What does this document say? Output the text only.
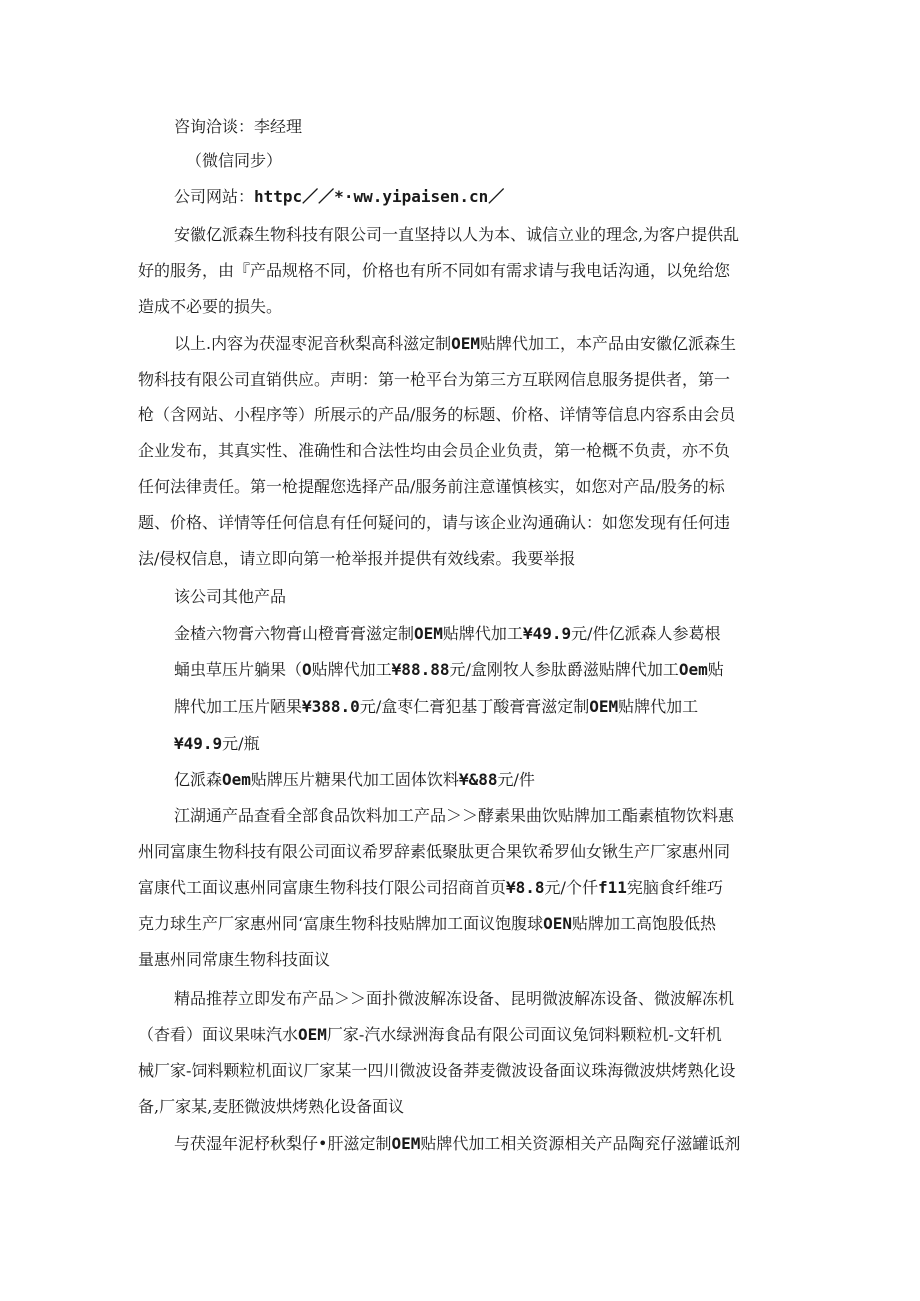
咨询洽谈：李经理
（微信同步）
公司网站：httpc／／*·ww.yipaisen.cn／
安徽亿派森生物科技有限公司一直坚持以人为本、诚信立业的理念,为客户提供乱
好的服务，由『产品规格不同，价格也有所不同如有需求请与我电话沟通，以免给您
造成不必要的损失。
以上.内容为茯湿枣泥音秋梨高科滋定制OEM贴牌代加工，本产品由安徽亿派森生
物科技有限公司直销供应。声明：第一枪平台为第三方互联网信息服务提供者，第一
枪（含网站、小程序等）所展示的产品/服务的标题、价格、详情等信息内容系由会员
企业发布，其真实性、准确性和合法性均由会员企业负责，第一枪概不负责，亦不负
任何法律责任。第一枪提醒您选择产品/服务前注意谨慎核实，如您对产品/股务的标
题、价格、详情等任何信息有任何疑问的，请与该企业沟通确认：如您发现有任何违
法/侵权信息，请立即向第一枪举报并提供有效线索。我要举报
该公司其他产品
金楂六物膏六物膏山橙膏膏滋定制OEM贴牌代加工¥49.9元/件亿派森人参葛根
蛹虫草压片躺果（O贴牌代加工¥88.88元/盒刚牧人参肽爵滋贴牌代加工Oem贴
牌代加工压片陋果¥388.0元/盒枣仁膏犯基丁酸膏膏滋定制OEM贴牌代加工
¥49.9元/瓶
亿派森Oem贴牌压片糖果代加工固体饮料¥&88元/件
江湖通产品查看全部食品饮料加工产品＞＞酵素果曲饮贴牌加工酯素植物饮料惠
州同富康生物科技有限公司面议希罗辞素低聚肽更合果钦希罗仙女锹生产厂家惠州同
富康代工面议惠州同富康生物科技仃限公司招商首页¥8.8元/个仟f11宪脑食纤维巧
克力球生产厂家惠州同‘富康生物科技贴牌加工面议饱腹球OEN贴牌加工高饱股低热
量惠州同常康生物科技面议
精品推荐立即发布产品＞＞面扑微波解冻设备、昆明微波解冻设备、微波解冻机
（杳看）面议果味汽水OEM厂家-汽水绿洲海食品有限公司面议兔饲料颗粒机-文轩机
械厂家-饲料颗粒机面议厂家某一四川微波设备莽麦微波设备面议珠海微波烘烤熟化设
备,厂家某,麦胚微波烘烤熟化设备面议
与茯湿年泥杼秋梨仔•肝滋定制OEM贴牌代加工相关资源相关产品陶兖仔滋罐诋剂
